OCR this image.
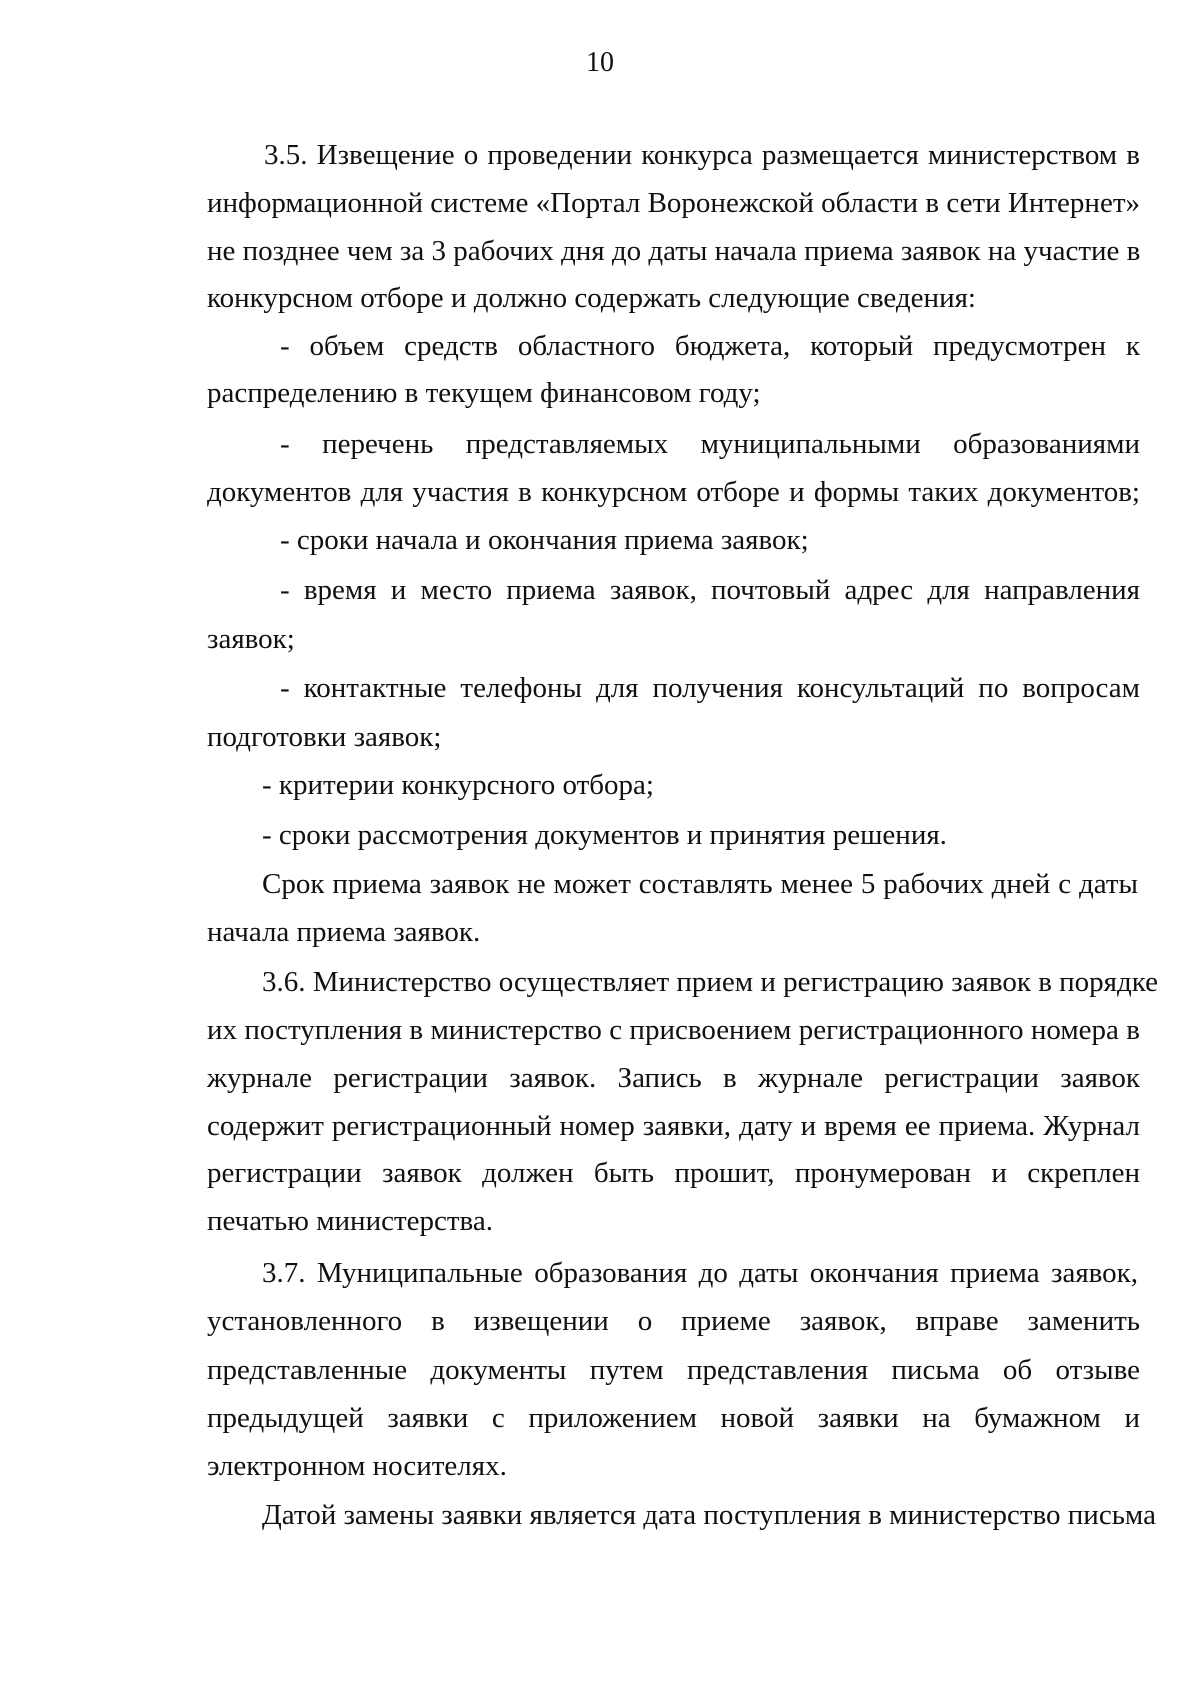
10
3.5. Извещение о проведении конкурса размещается министерством в
информационной системе «Портал Воронежской области в сети Интернет»
не позднее чем за 3 рабочих дня до даты начала приема заявок на участие в
конкурсном отборе и должно содержать следующие сведения:
- объем средств областного бюджета, который предусмотрен к
распределению в текущем финансовом году;
- перечень представляемых муниципальными образованиями
документов для участия в конкурсном отборе и формы таких документов;
- сроки начала и окончания приема заявок;
- время и место приема заявок, почтовый адрес для направления
заявок;
- контактные телефоны для получения консультаций по вопросам
подготовки заявок;
- критерии конкурсного отбора;
- сроки рассмотрения документов и принятия решения.
Срок приема заявок не может составлять менее 5 рабочих дней с даты
начала приема заявок.
3.6. Министерство осуществляет прием и регистрацию заявок в порядке
их поступления в министерство с присвоением регистрационного номера в
журнале регистрации заявок. Запись в журнале регистрации заявок
содержит регистрационный номер заявки, дату и время ее приема. Журнал
регистрации заявок должен быть прошит, пронумерован и скреплен
печатью министерства.
3.7. Муниципальные образования до даты окончания приема заявок,
установленного в извещении о приеме заявок, вправе заменить
представленные документы путем представления письма об отзыве
предыдущей заявки с приложением новой заявки на бумажном и
электронном носителях.
Датой замены заявки является дата поступления в министерство письма
